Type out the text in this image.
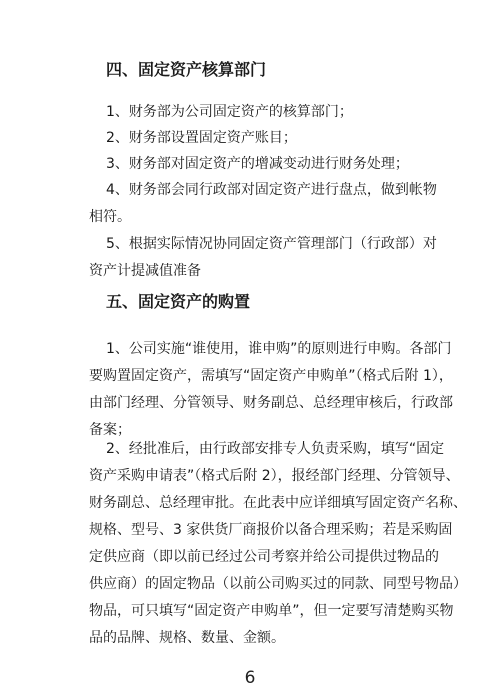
四、固定资产核算部门

1、财务部为公司固定资产的核算部门；

2、财务部设置固定资产账目；

3、财务部对固定资产的增减变动进行财务处理；

4、财务部会同行政部对固定资产进行盘点，做到帐物
相符。

5、根据实际情况协同固定资产管理部门（行政部）对
资产计提减值准备

五、固定资产的购置

1、公司实施“谁使用，谁申购”的原则进行申购。各部门
要购置固定资产，需填写“固定资产申购单”（格式后附 1），
由部门经理、分管领导、财务副总、总经理审核后，行政部
备案；

2、经批准后，由行政部安排专人负责采购，填写“固定
资产采购申请表”（格式后附 2），报经部门经理、分管领导、
财务副总、总经理审批。在此表中应详细填写固定资产名称、
规格、型号、3 家供货厂商报价以备合理采购；若是采购固
定供应商（即以前已经过公司考察并给公司提供过物品的
供应商）的固定物品（以前公司购买过的同款、同型号物品）
物品，可只填写“固定资产申购单”，但一定要写清楚购买物
品的品牌、规格、数量、金额。

6
